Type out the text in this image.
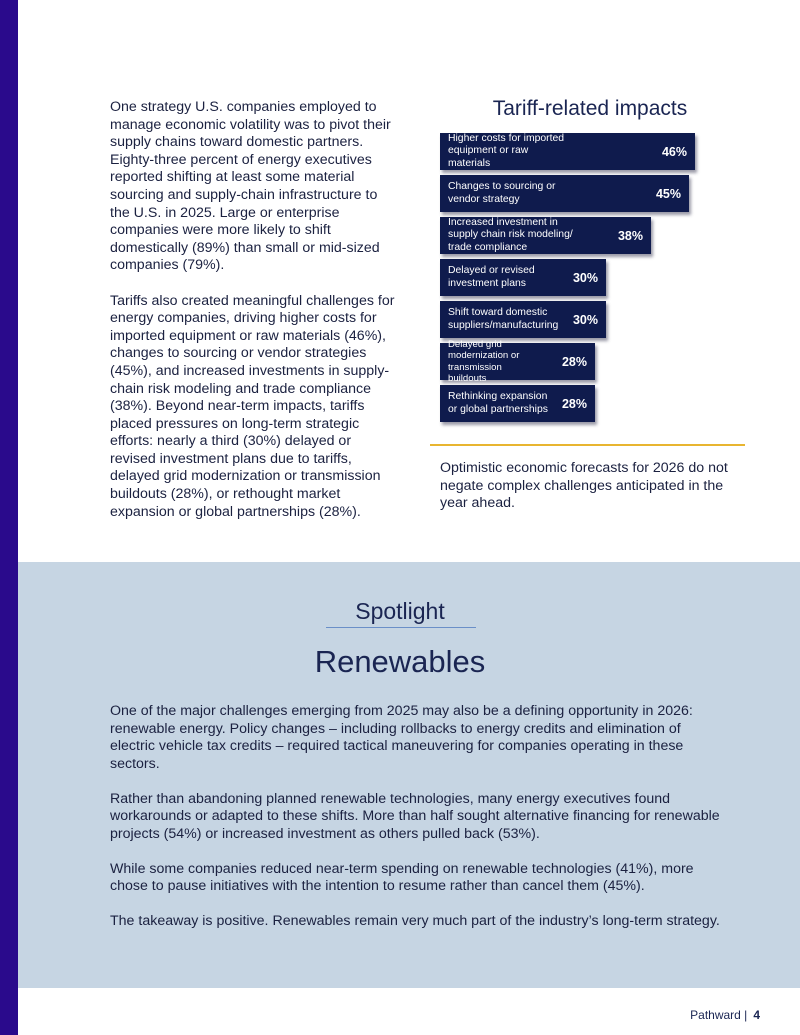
One strategy U.S. companies employed to manage economic volatility was to pivot their supply chains toward domestic partners. Eighty-three percent of energy executives reported shifting at least some material sourcing and supply-chain infrastructure to the U.S. in 2025. Large or enterprise companies were more likely to shift domestically (89%) than small or mid-sized companies (79%).

Tariffs also created meaningful challenges for energy companies, driving higher costs for imported equipment or raw materials (46%), changes to sourcing or vendor strategies (45%), and increased investments in supply-chain risk modeling and trade compliance (38%). Beyond near-term impacts, tariffs placed pressures on long-term strategic efforts: nearly a third (30%) delayed or revised investment plans due to tariffs, delayed grid modernization or transmission buildouts (28%), or rethought market expansion or global partnerships (28%).

Tariff-related impacts
Higher costs for imported equipment or raw materials
46%
Changes to sourcing or vendor strategy	45%
Increased investment in supply chain risk modeling/ trade compliance
38%
Delayed or revised investment plans	30%
Shift toward domestic suppliers/manufacturing	30%
Delayed grid modernization or transmission buildouts
28%
Rethinking expansion or global partnerships	28%
Optimistic economic forecasts for 2026 do not negate complex challenges anticipated in the year ahead.
Spotlight
Renewables

One of the major challenges emerging from 2025 may also be a defining opportunity in 2026: renewable energy. Policy changes – including rollbacks to energy credits and elimination of electric vehicle tax credits – required tactical maneuvering for companies operating in these sectors.

Rather than abandoning planned renewable technologies, many energy executives found workarounds or adapted to these shifts. More than half sought alternative financing for renewable projects (54%) or increased investment as others pulled back (53%).

While some companies reduced near-term spending on renewable technologies (41%), more chose to pause initiatives with the intention to resume rather than cancel them (45%).

The takeaway is positive. Renewables remain very much part of the industry’s long-term strategy.

Pathward | 4
